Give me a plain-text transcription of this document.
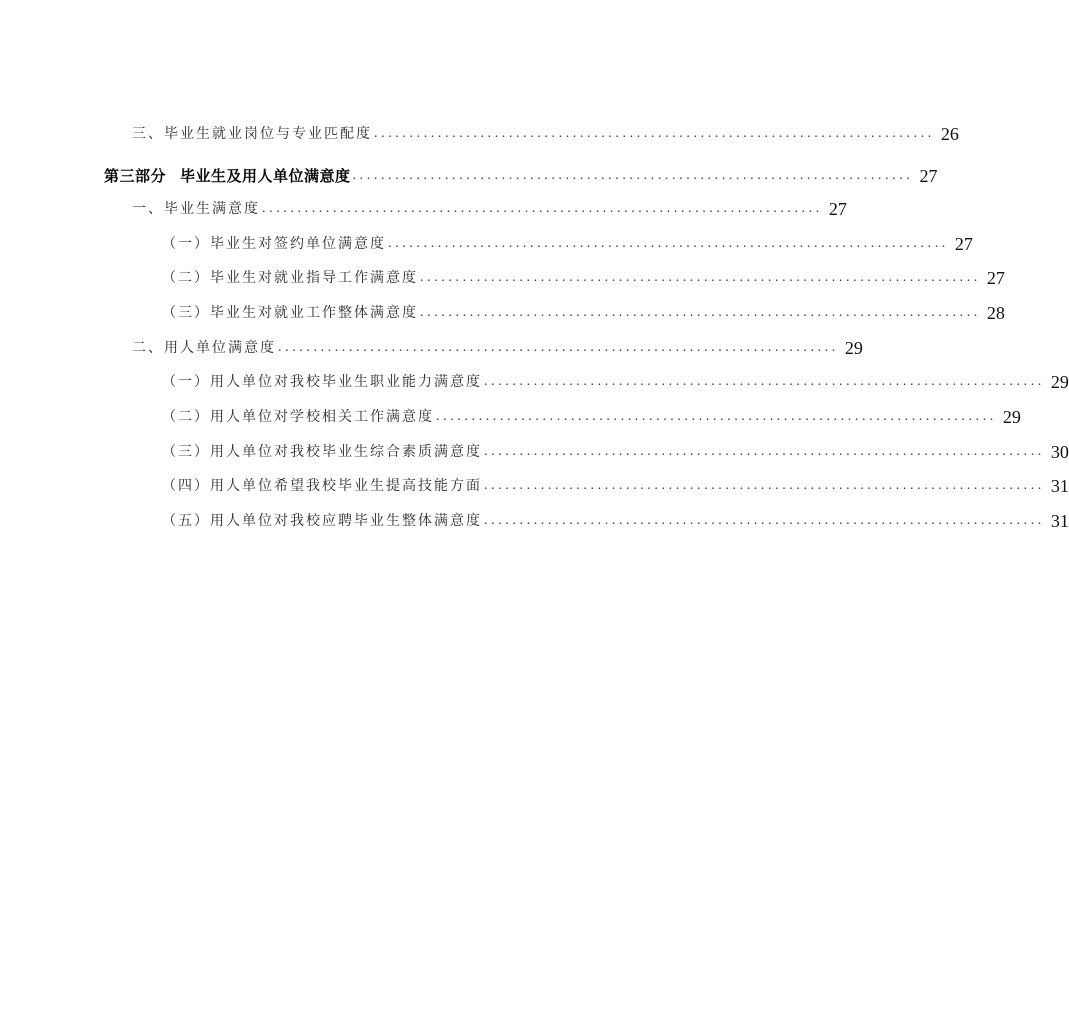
三、毕业生就业岗位与专业匹配度 ............................................................................... 26
第三部分 毕业生及用人单位满意度 ............................................................................... 27
一、毕业生满意度 ............................................................................... 27
（一）毕业生对签约单位满意度 ............................................................................... 27
（二）毕业生对就业指导工作满意度 ............................................................................... 27
（三）毕业生对就业工作整体满意度 ............................................................................... 28
二、用人单位满意度 ............................................................................... 29
（一）用人单位对我校毕业生职业能力满意度 ............................................................................... 29
（二）用人单位对学校相关工作满意度 ............................................................................... 29
（三）用人单位对我校毕业生综合素质满意度 ............................................................................... 30
（四）用人单位希望我校毕业生提高技能方面 ............................................................................... 31
（五）用人单位对我校应聘毕业生整体满意度 ............................................................................... 31
